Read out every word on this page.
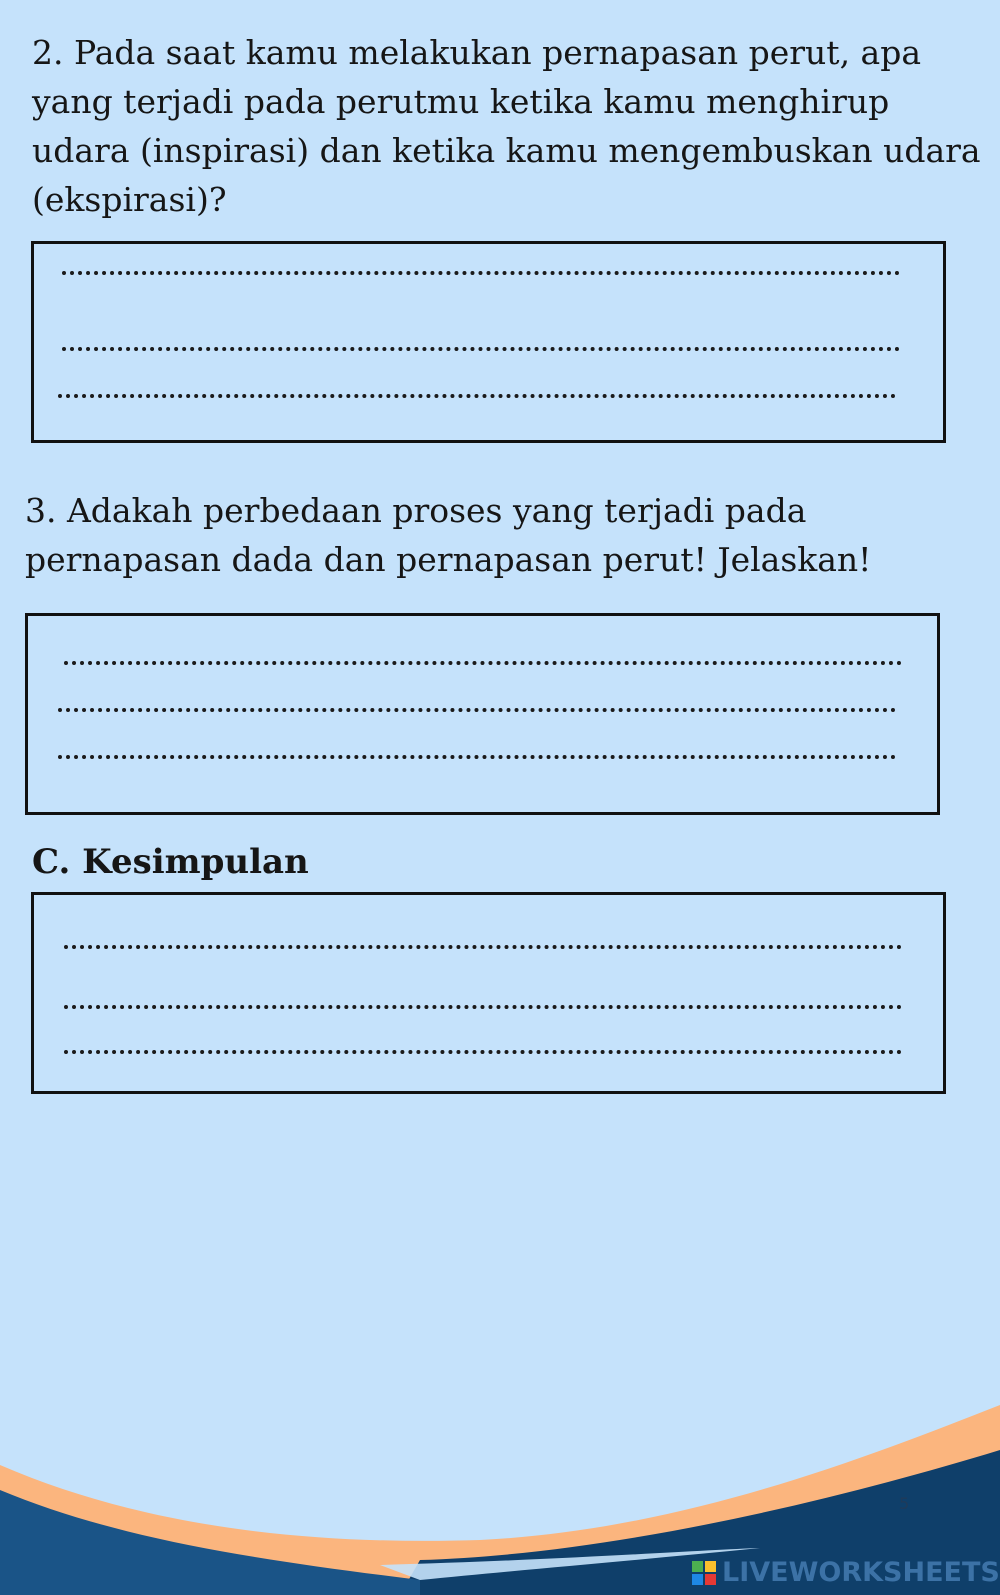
2. Pada saat kamu melakukan pernapasan perut, apa yang terjadi pada perutmu ketika kamu menghirup udara (inspirasi) dan ketika kamu mengembuskan udara (ekspirasi)?

3. Adakah perbedaan proses yang terjadi pada pernapasan dada dan pernapasan perut! Jelaskan!

C. Kesimpulan
5
LIVEWORKSHEETS
